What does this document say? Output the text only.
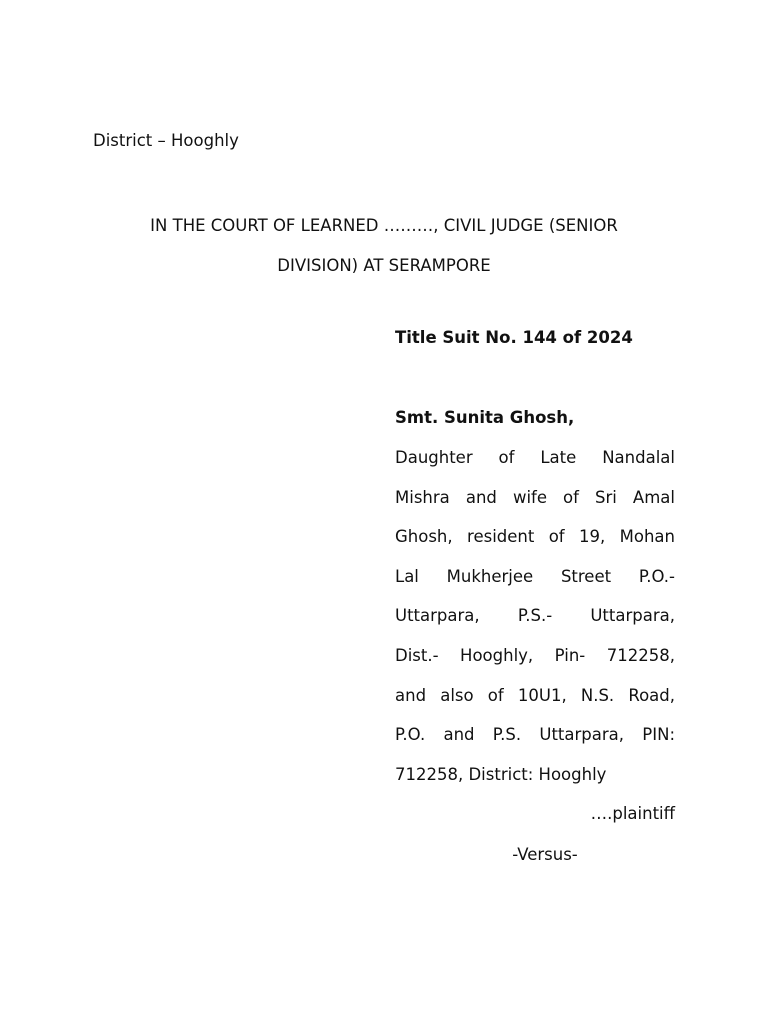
District – Hooghly
IN THE COURT OF LEARNED ………, CIVIL JUDGE (SENIOR
DIVISION) AT SERAMPORE
Title Suit No. 144 of 2024
Smt. Sunita Ghosh,
Daughter of Late Nandalal
Mishra and wife of Sri Amal
Ghosh, resident of 19, Mohan
Lal Mukherjee Street P.O.-
Uttarpara, P.S.- Uttarpara,
Dist.- Hooghly, Pin- 712258,
and also of 10U1, N.S. Road,
P.O. and P.S. Uttarpara, PIN:
712258, District: Hooghly
….plaintiff
-Versus-
